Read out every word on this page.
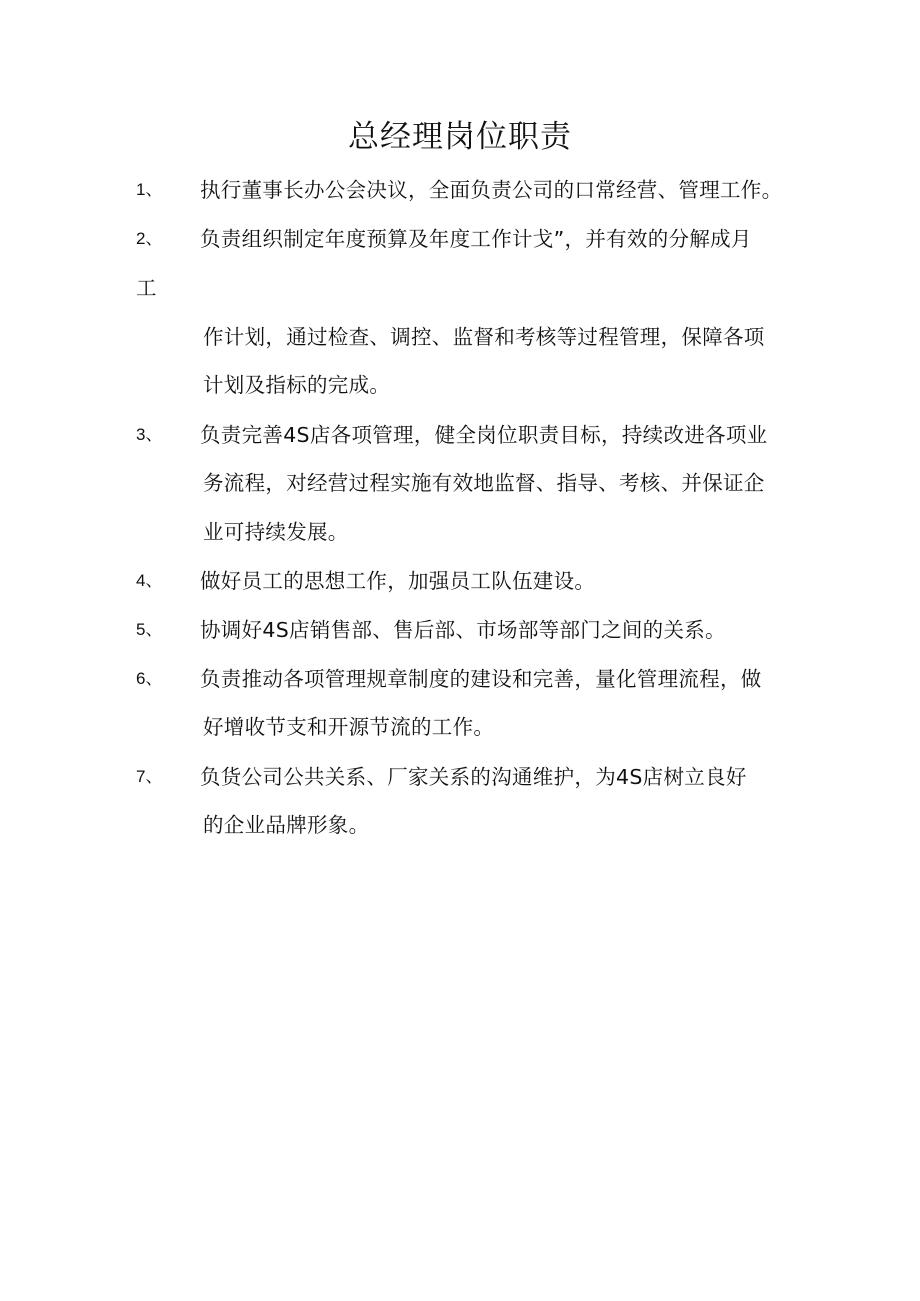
总经理岗位职责
1、 执行董事长办公会决议，全面负责公司的口常经营、管理工作。
2、 负责组织制定年度预算及年度工作计戈”，并有效的分解成月
工
作计划，通过检查、调控、监督和考核等过程管理，保障各项
计划及指标的完成。
3、 负责完善4S店各项管理，健全岗位职责目标，持续改进各项业
务流程，对经营过程实施有效地监督、指导、考核、并保证企
业可持续发展。
4、 做好员工的思想工作，加强员工队伍建设。
5、 协调好4S店销售部、售后部、市场部等部门之间的关系。
6、 负责推动各项管理规章制度的建设和完善，量化管理流程，做
好增收节支和开源节流的工作。
7、 负货公司公共关系、厂家关系的沟通维护，为4S店树立良好
的企业品牌形象。
